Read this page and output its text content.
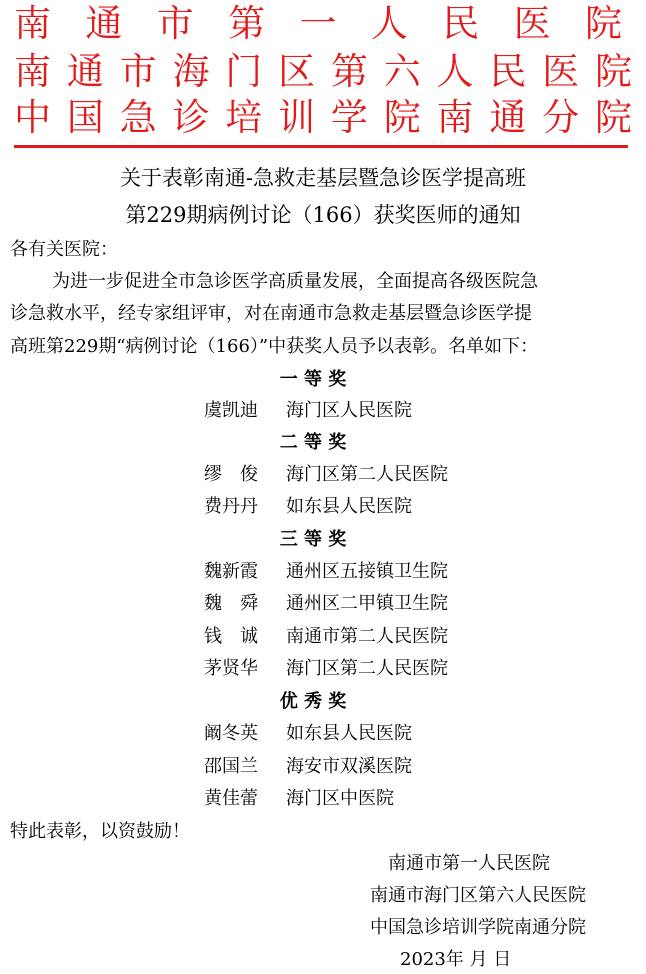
南 通 市 第 一 人 民 医 院
南 通 市 海 门 区 第 六 人 民 医 院
中 国 急 诊 培 训 学 院 南 通 分 院
关于表彰南通-急救走基层暨急诊医学提高班
第229期病例讨论（166）获奖医师的通知
各有关医院：
为进一步促进全市急诊医学高质量发展，全面提高各级医院急
诊急救水平，经专家组评审，对在南通市急救走基层暨急诊医学提
高班第229期“病例讨论（166）”中获奖人员予以表彰。名单如下：
一 等 奖
虞凯迪 海门区人民医院
二 等 奖
缪　俊 海门区第二人民医院
费丹丹 如东县人民医院
三 等 奖
魏新霞 通州区五接镇卫生院
魏　舜 通州区二甲镇卫生院
钱　诚 南通市第二人民医院
茅贤华 海门区第二人民医院
优 秀 奖
阚冬英 如东县人民医院
邵国兰 海安市双溪医院
黄佳蕾 海门区中医院
特此表彰，以资鼓励！
南通市第一人民医院
南通市海门区第六人民医院
中国急诊培训学院南通分院
2023年 月 日
